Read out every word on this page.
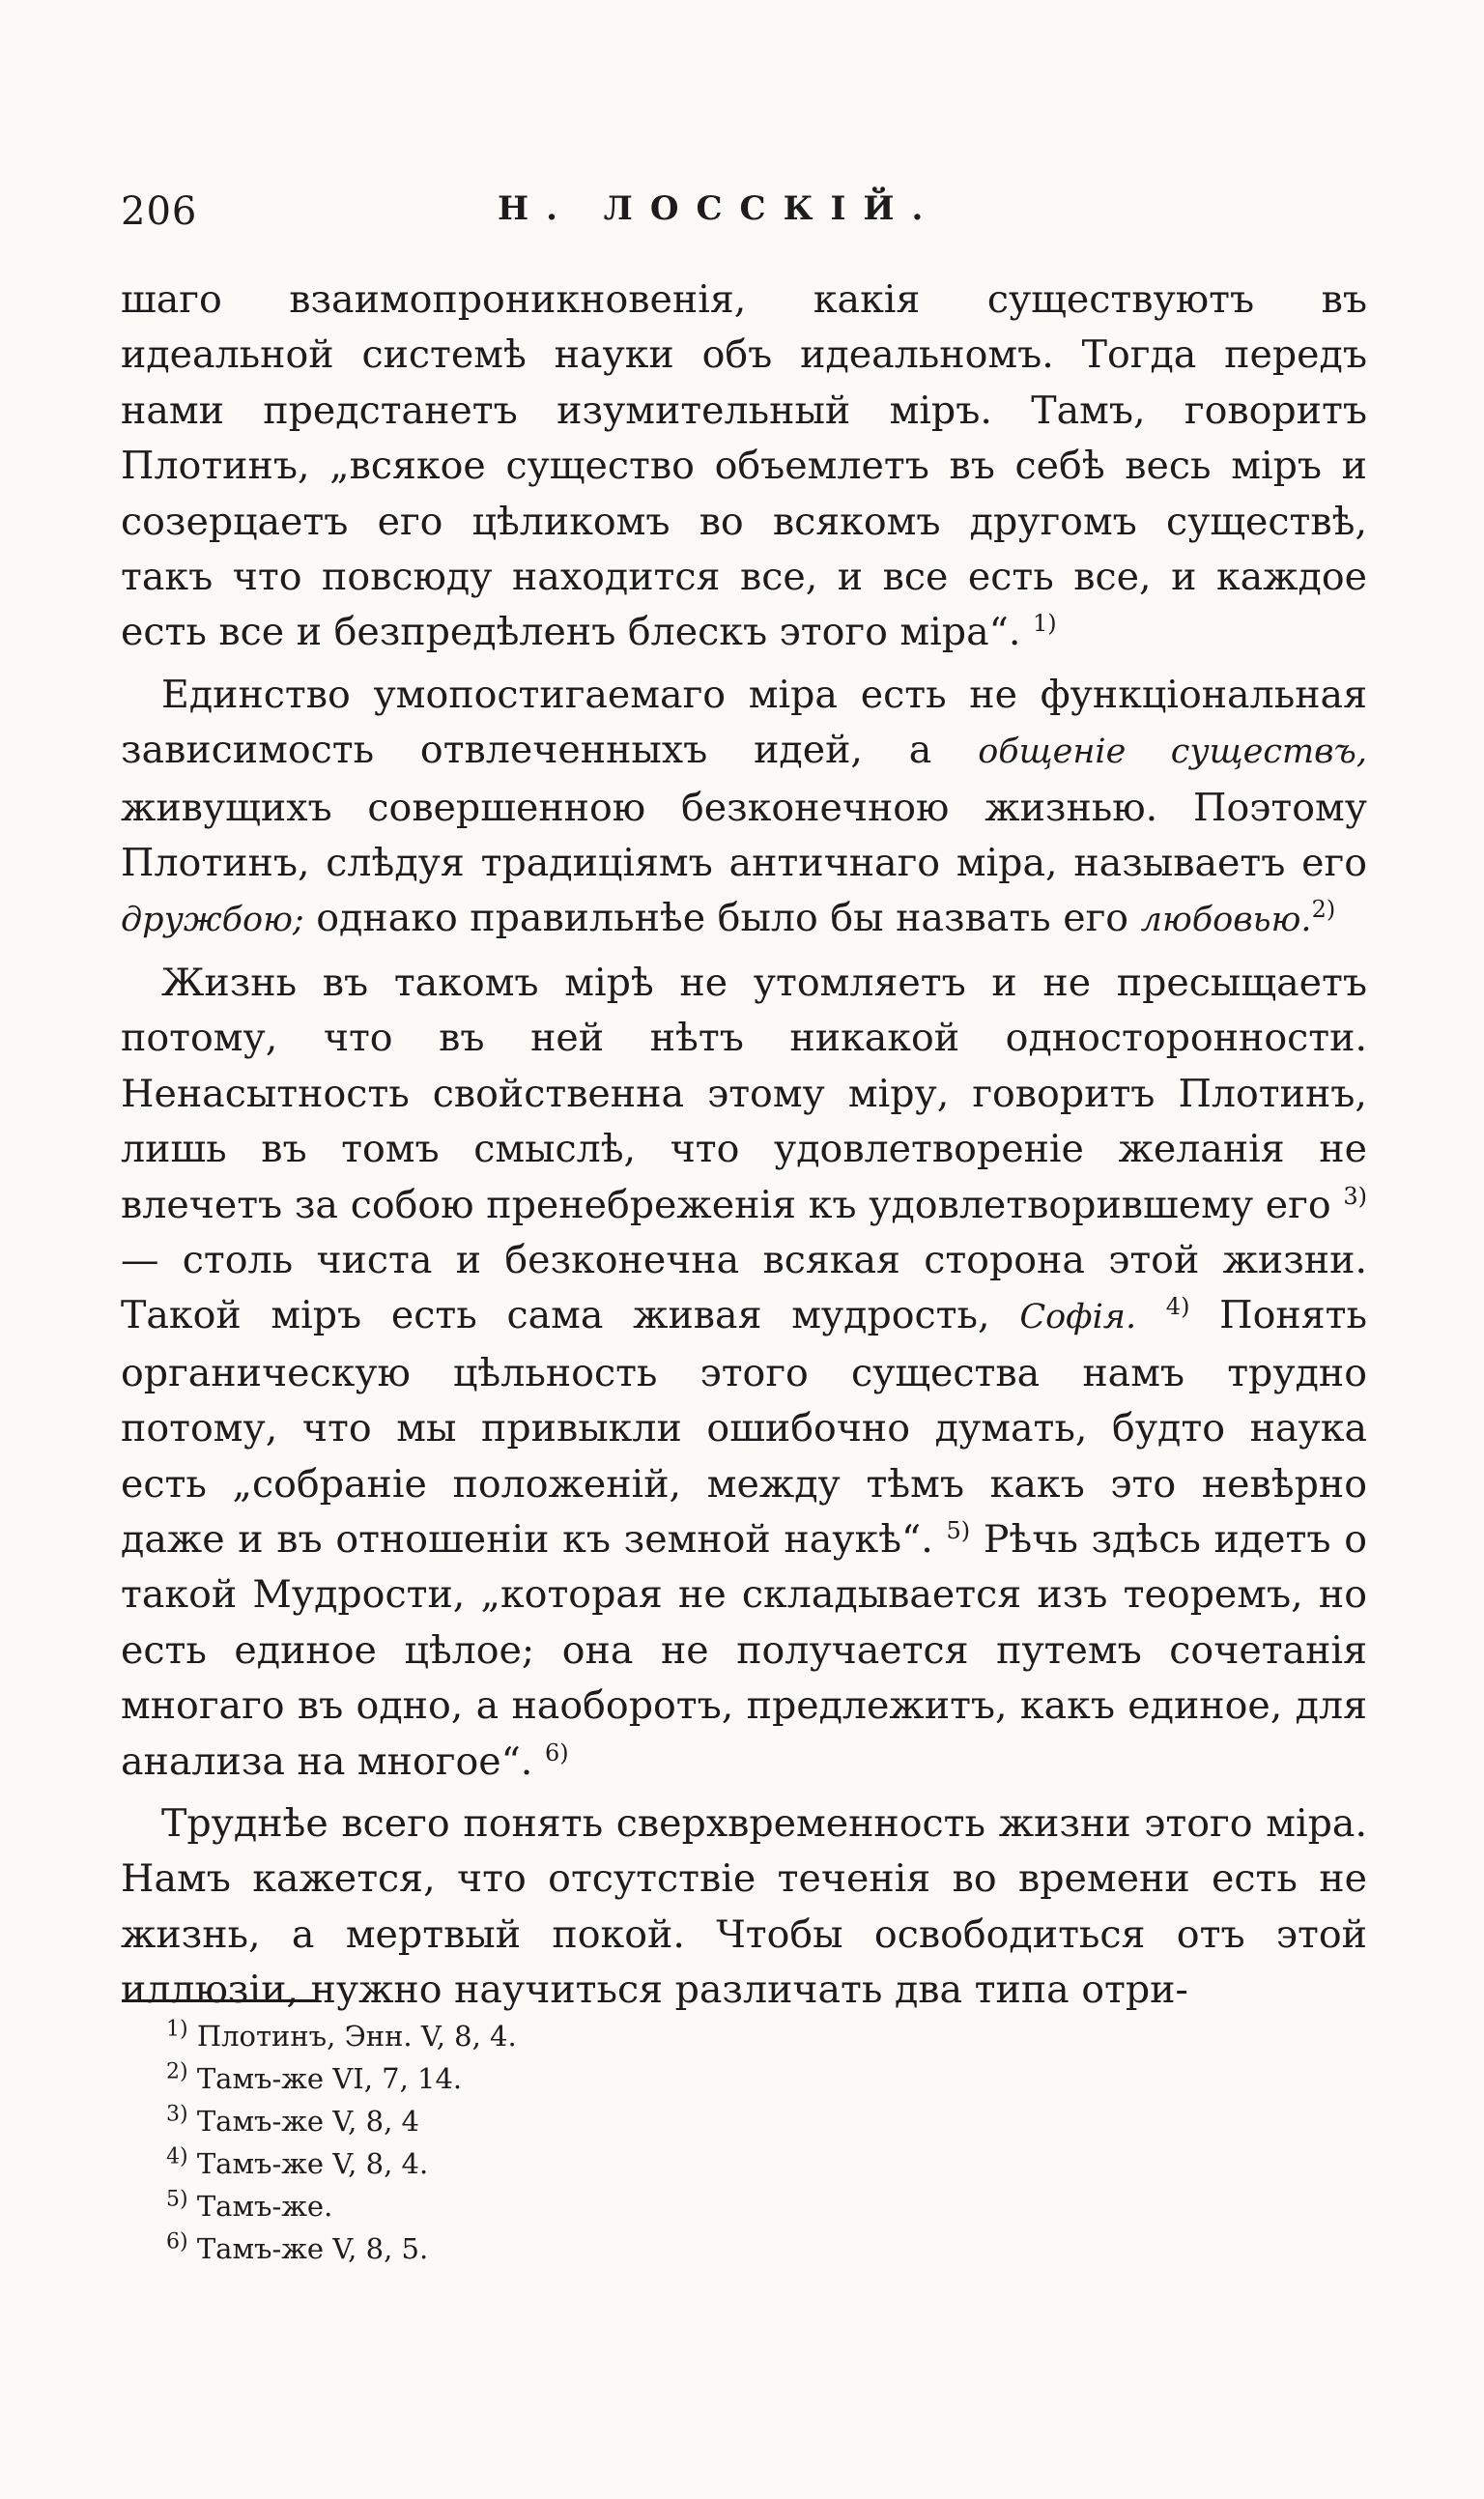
206	Н. ЛОССКІЙ.

шаго взаимопроникновенія, какія существуютъ въ идеальной системѣ науки объ идеальномъ. Тогда передъ нами предстанетъ изумительный міръ. Тамъ, говоритъ Плотинъ, „всякое существо объемлетъ въ себѣ весь міръ и созерцаетъ его цѣликомъ во всякомъ другомъ существѣ, такъ что повсюду находится все, и все есть все, и каждое есть все и безпредѣленъ блескъ этого міра“. $^{1)}$

Единство умопостигаемаго міра есть не функціональная зависимость отвлеченныхъ идей, а общеніе существъ, живущихъ совершенною безконечною жизнью. Поэтому Плотинъ, слѣдуя традиціямъ античнаго міра, называетъ его дружбою; однако правильнѣе было бы назвать его любовью.$^{2)}$

Жизнь въ такомъ мірѣ не утомляетъ и не пресыщаетъ потому, что въ ней нѣтъ никакой односторонности. Ненасытность свойственна этому міру, говоритъ Плотинъ, лишь въ томъ смыслѣ, что удовлетвореніе желанія не влечетъ за собою пренебреженія къ удовлетворившему его $^{3)}$ — столь чиста и безконечна всякая сторона этой жизни. Такой міръ есть сама живая мудрость, Софія. $^{4)}$ Понять органическую цѣльность этого существа намъ трудно потому, что мы привыкли ошибочно думать, будто наука есть „собраніе положеній, между тѣмъ какъ это невѣрно даже и въ отношеніи къ земной наукѣ“. $^{5)}$ Рѣчь здѣсь идетъ о такой Мудрости, „которая не складывается изъ теоремъ, но есть единое цѣлое; она не получается путемъ сочетанія многаго въ одно, а наоборотъ, предлежитъ, какъ единое, для анализа на многое“. $^{6)}$

Труднѣе всего понять сверхвременность жизни этого міра. Намъ кажется, что отсутствіе теченія во времени есть не жизнь, а мертвый покой. Чтобы освободиться отъ этой иллюзіи, нужно научиться различать два типа отри-

$^{1)}$ Плотинъ, Энн. V, 8, 4.
$^{2)}$ Тамъ-же VI, 7, 14.
$^{3)}$ Тамъ-же V, 8, 4
$^{4)}$ Тамъ-же V, 8, 4.
$^{5)}$ Тамъ-же.
$^{6)}$ Тамъ-же V, 8, 5.
